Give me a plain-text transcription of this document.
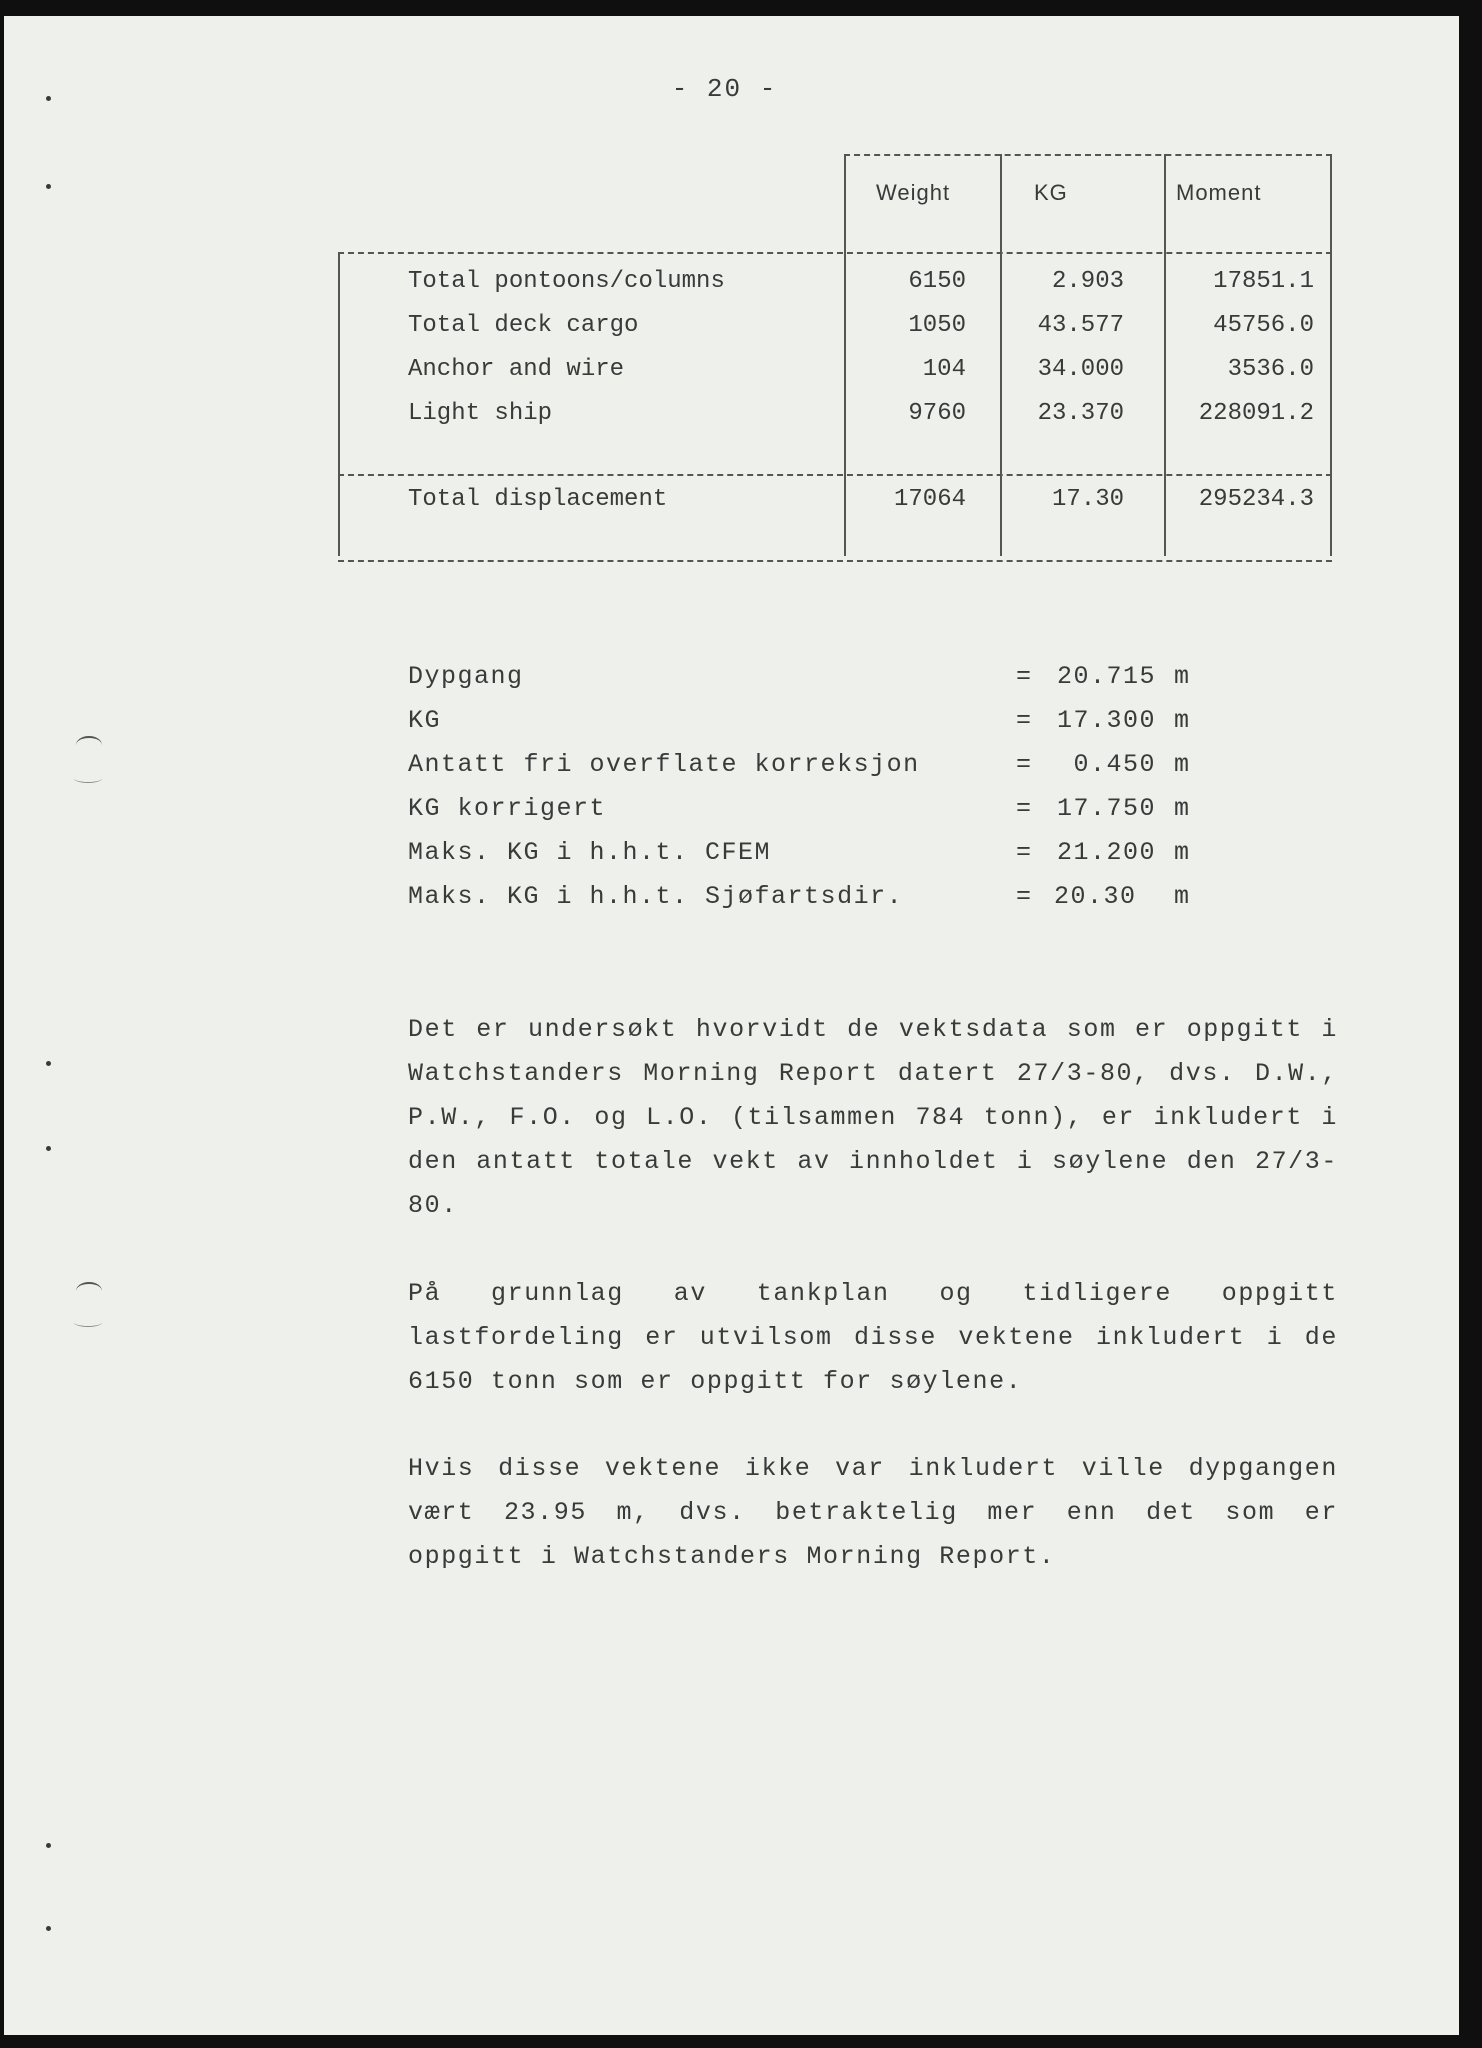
- 20 -
Weight	KG	Moment
Total pontoons/columns	6150	2.903	17851.1
Total deck cargo	1050	43.577	45756.0
Anchor and wire	104	34.000	3536.0
Light ship	9760	23.370	228091.2
Total displacement	17064	17.30	295234.3
Dypgang	= 20.715 m
KG	= 17.300 m
Antatt fri overflate korreksjon	=	0.450 m
KG korrigert	= 17.750 m
Maks. KG i h.h.t. CFEM	= 21.200 m
Maks. KG i h.h.t. Sjøfartsdir.	= 20.30 m
Det er undersøkt hvorvidt de vektsdata som er oppgitt i Watchstanders Morning Report datert 27/3-80, dvs. D.W., P.W., F.O. og L.O. (tilsammen 784 tonn), er inkludert i den antatt totale vekt av innholdet i søylene den 27/3-80.
På grunnlag av tankplan og tidligere oppgitt lastfordeling er utvilsom disse vektene inkludert i de 6150 tonn som er oppgitt for søylene.
Hvis disse vektene ikke var inkludert ville dypgangen vært 23.95 m, dvs. betraktelig mer enn det som er oppgitt i Watchstanders Morning Report.
